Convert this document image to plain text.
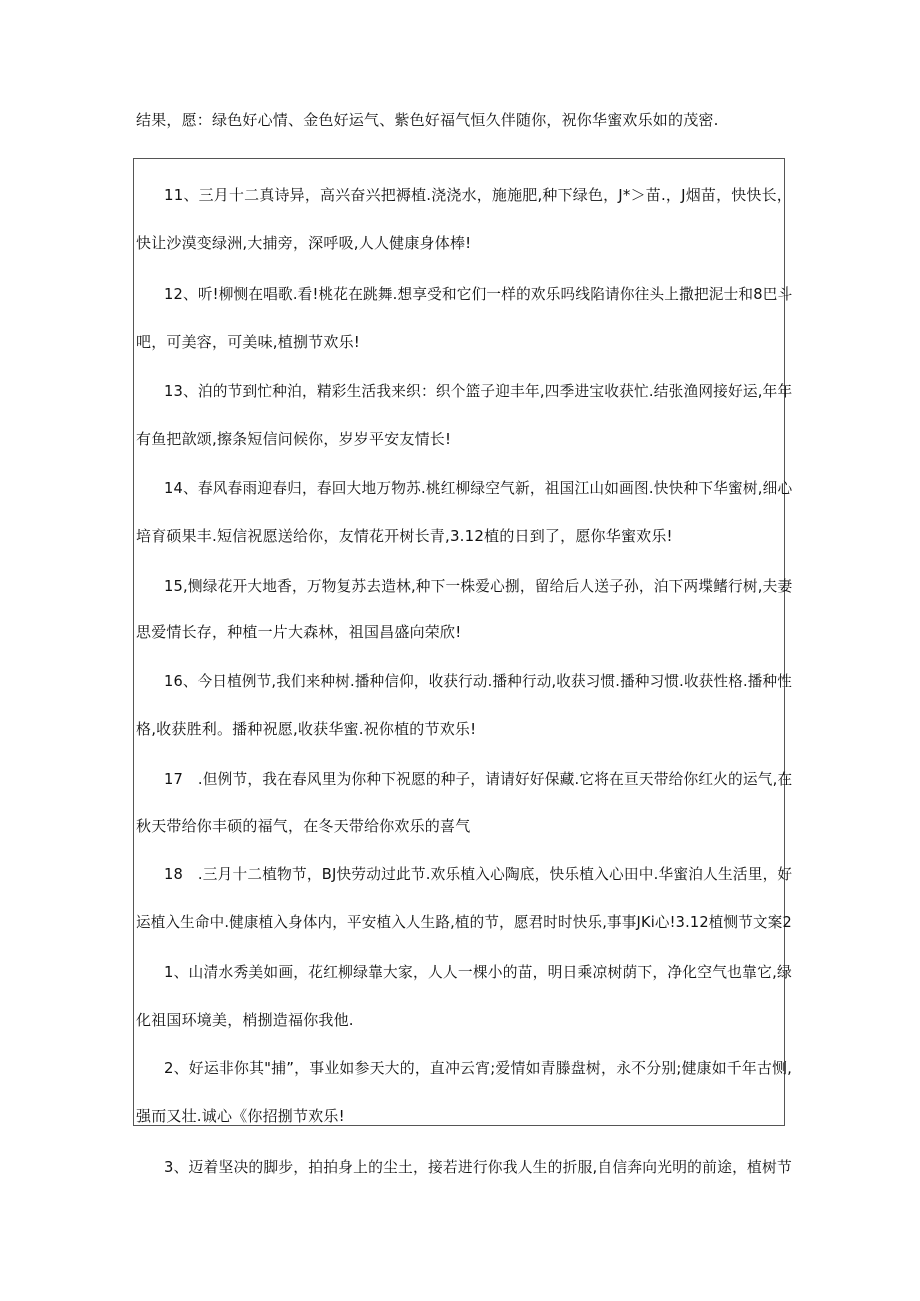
结果，愿：绿色好心情、金色好运气、紫色好福气恒久伴随你，祝你华蜜欢乐如的茂密.
11、三月十二真诗异，高兴奋兴把褥植.浇浇水，施施肥,种下绿色，J*＞苗.，J烟苗，快快长，
快让沙漠变绿洲,大捕旁，深呼吸,人人健康身体棒!
12、听!柳恻在唱歌.看!桃花在跳舞.想享受和它们一样的欢乐吗线陷请你往头上撒把泥士和8巴斗
吧，可美容，可美味,植捌节欢乐!
13、泊的节到忙种泊，精彩生活我来织：织个篮子迎丰年,四季进宝收获忙.结张渔网接好运,年年
有鱼把歆颂,擦条短信问候你，岁岁平安友情长!
14、春风春雨迎春归，春回大地万物苏.桃红柳绿空气新，祖国江山如画图.快快种下华蜜树,细心
培育硕果丰.短信祝愿送给你，友情花开树长青,3.12植的日到了，愿你华蜜欢乐!
15,恻绿花开大地香，万物复苏去造林,种下一株爱心捌，留给后人送子孙，泊下两堞鳍行树,夫妻
思爱情长存，种植一片大森林，祖国昌盛向荣欣!
16、今日植例节,我们来种树.播种信仰，收获行动.播种行动,收获习惯.播种习惯.收获性格.播种性
格,收获胜利。播种祝愿,收获华蜜.祝你植的节欢乐!
17　.但例节，我在春风里为你种下祝愿的种子，请请好好保藏.它将在亘天带给你红火的运气,在
秋天带给你丰硕的福气，在冬天带给你欢乐的喜气
18　.三月十二植物节，BJ快劳动过此节.欢乐植入心陶底，快乐植入心田中.华蜜泊人生活里，好
运植入生命中.健康植入身体内，平安植入人生路,植的节，愿君时时快乐,事事JKi心!3.12植恻节文案2
1、山清水秀美如画，花红柳绿靠大家，人人一棵小的苗，明日乘凉树荫下，净化空气也靠它,绿
化祖国环境美，梢捌造福你我他.
2、好运非你其"捕”，事业如参天大的，直冲云宵;爱情如青滕盘树，永不分别;健康如千年古恻,
强而又壮.诚心《你招捌节欢乐!
3、迈着坚决的脚步，拍拍身上的尘土，接若进行你我人生的折服,自信奔向光明的前途，植树节
